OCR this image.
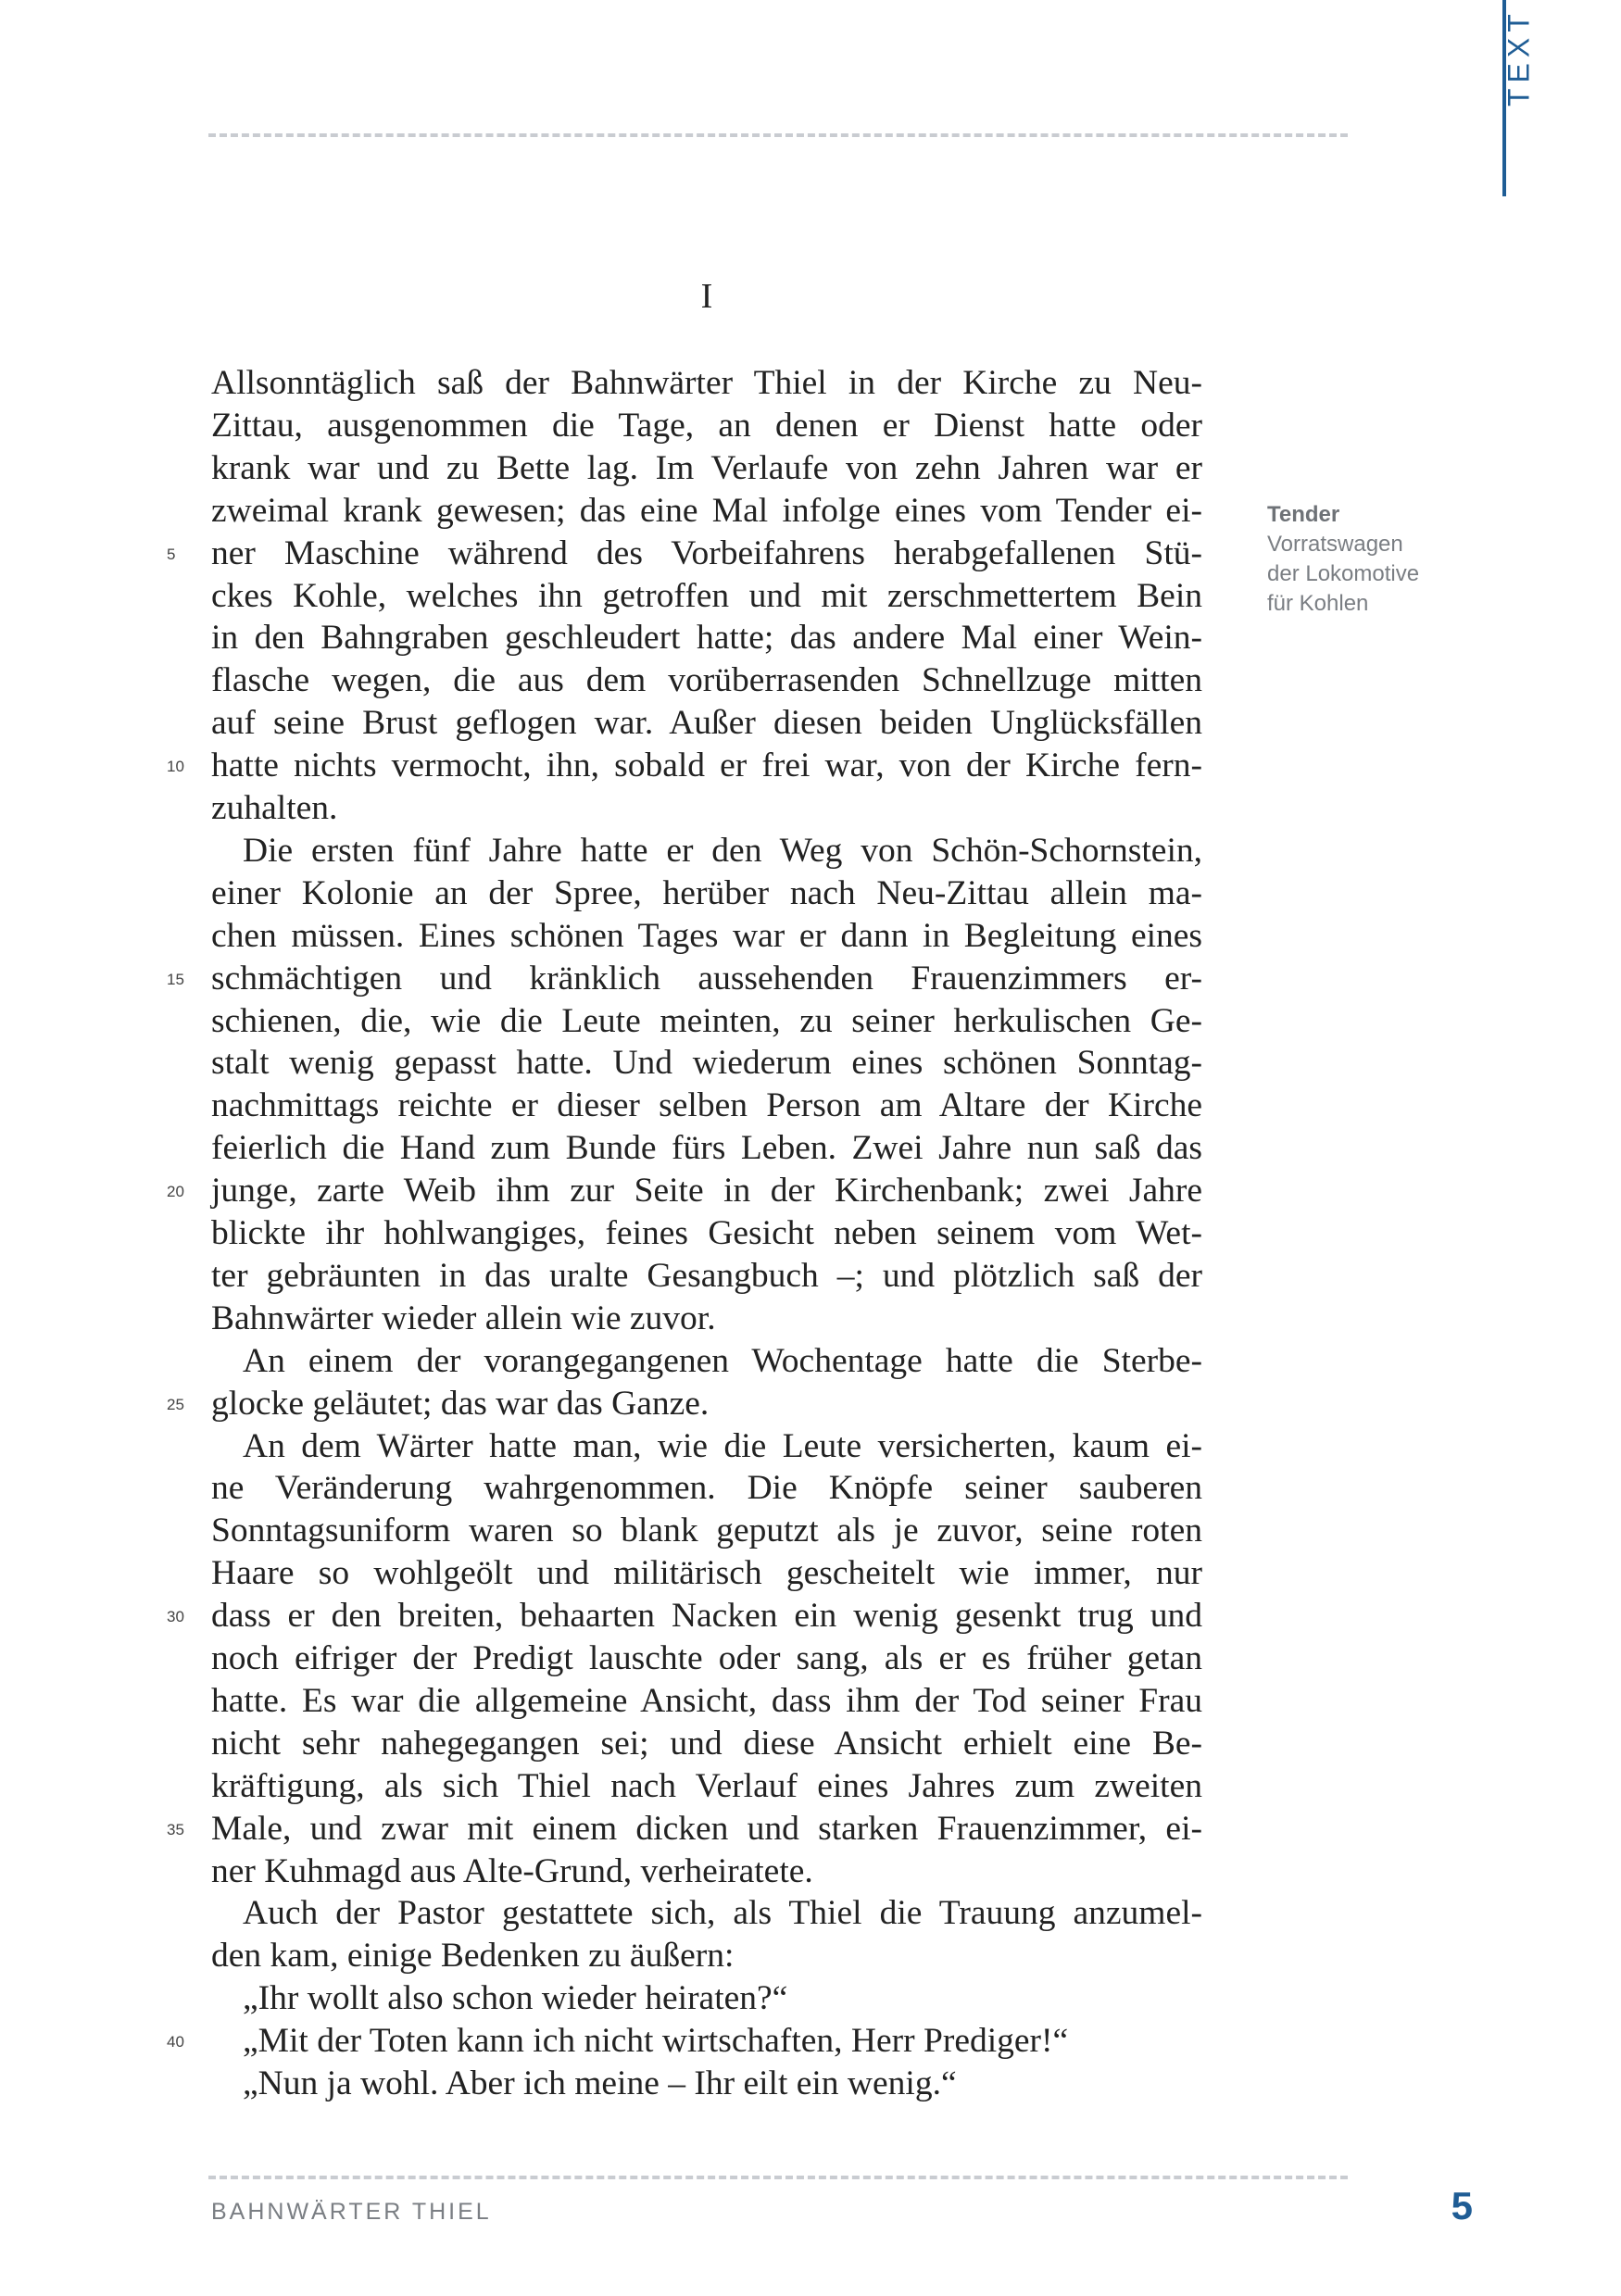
TEXT
I
Allsonntäglich saß der Bahnwärter Thiel in der Kirche zu Neu-
Zittau, ausgenommen die Tage, an denen er Dienst hatte oder
krank war und zu Bette lag. Im Verlaufe von zehn Jahren war er
zweimal krank gewesen; das eine Mal infolge eines vom Tender ei-
ner Maschine während des Vorbeifahrens herabgefallenen Stü-
ckes Kohle, welches ihn getroffen und mit zerschmettertem Bein
in den Bahngraben geschleudert hatte; das andere Mal einer Wein-
flasche wegen, die aus dem vorüberrasenden Schnellzuge mitten
auf seine Brust geflogen war. Außer diesen beiden Unglücksfällen
hatte nichts vermocht, ihn, sobald er frei war, von der Kirche fern-
zuhalten.
Die ersten fünf Jahre hatte er den Weg von Schön-Schornstein,
einer Kolonie an der Spree, herüber nach Neu-Zittau allein ma-
chen müssen. Eines schönen Tages war er dann in Begleitung eines
schmächtigen und kränklich aussehenden Frauenzimmers er-
schienen, die, wie die Leute meinten, zu seiner herkulischen Ge-
stalt wenig gepasst hatte. Und wiederum eines schönen Sonntag-
nachmittags reichte er dieser selben Person am Altare der Kirche
feierlich die Hand zum Bunde fürs Leben. Zwei Jahre nun saß das
junge, zarte Weib ihm zur Seite in der Kirchenbank; zwei Jahre
blickte ihr hohlwangiges, feines Gesicht neben seinem vom Wet-
ter gebräunten in das uralte Gesangbuch –; und plötzlich saß der
Bahnwärter wieder allein wie zuvor.
An einem der vorangegangenen Wochentage hatte die Sterbe-
glocke geläutet; das war das Ganze.
An dem Wärter hatte man, wie die Leute versicherten, kaum ei-
ne Veränderung wahrgenommen. Die Knöpfe seiner sauberen
Sonntagsuniform waren so blank geputzt als je zuvor, seine roten
Haare so wohlgeölt und militärisch gescheitelt wie immer, nur
dass er den breiten, behaarten Nacken ein wenig gesenkt trug und
noch eifriger der Predigt lauschte oder sang, als er es früher getan
hatte. Es war die allgemeine Ansicht, dass ihm der Tod seiner Frau
nicht sehr nahegegangen sei; und diese Ansicht erhielt eine Be-
kräftigung, als sich Thiel nach Verlauf eines Jahres zum zweiten
Male, und zwar mit einem dicken und starken Frauenzimmer, ei-
ner Kuhmagd aus Alte-Grund, verheiratete.
Auch der Pastor gestattete sich, als Thiel die Trauung anzumel-
den kam, einige Bedenken zu äußern:
„Ihr wollt also schon wieder heiraten?“
„Mit der Toten kann ich nicht wirtschaften, Herr Prediger!“
„Nun ja wohl. Aber ich meine – Ihr eilt ein wenig.“
5
10
15
20
25
30
35
40
Tender
Vorratswagen
der Lokomotive
für Kohlen
BAHNWÄRTER THIEL	5
